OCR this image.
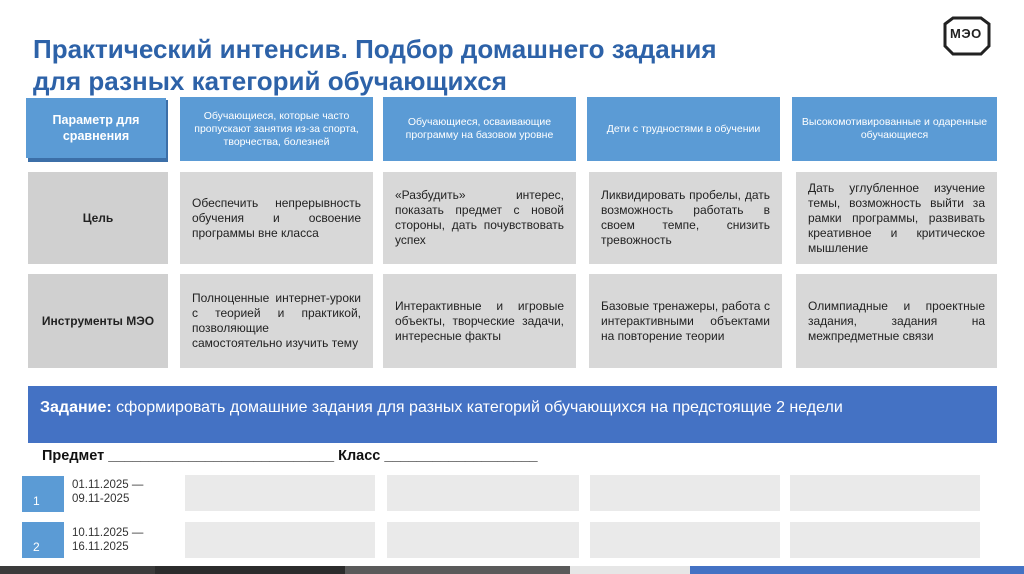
Практический интенсив. Подбор домашнего задания
для разных категорий обучающихся
МЭО
Параметр для сравнения
Обучающиеся, которые часто пропускают занятия из-за спорта, творчества, болезней
Обучающиеся, осваивающие программу на базовом уровне
Дети с трудностями в обучении
Высокомотивированные и одаренные обучающиеся
Цель
Обеспечить непрерывность обучения и освоение программы вне класса
«Разбудить» интерес, показать предмет с новой стороны, дать почувствовать успех
Ликвидировать пробелы, дать возможность работать в своем темпе, снизить тревожность
Дать углубленное изучение темы, возможность выйти за рамки программы, развивать креативное и критическое мышление
Инструменты МЭО
Полноценные интернет-уроки с теорией и практикой, позволяющие самостоятельно изучить тему
Интерактивные и игровые объекты, творческие задачи, интересные факты
Базовые тренажеры, работа с интерактивными объектами на повторение теории
Олимпиадные и проектные задания, задания на межпредметные связи
Задание: сформировать домашние задания для разных категорий обучающихся на предстоящие 2 недели
Предмет ____________________________ Класс ___________________
1
01.11.2025 —
09.11-2025
2
10.11.2025 —
16.11.2025
